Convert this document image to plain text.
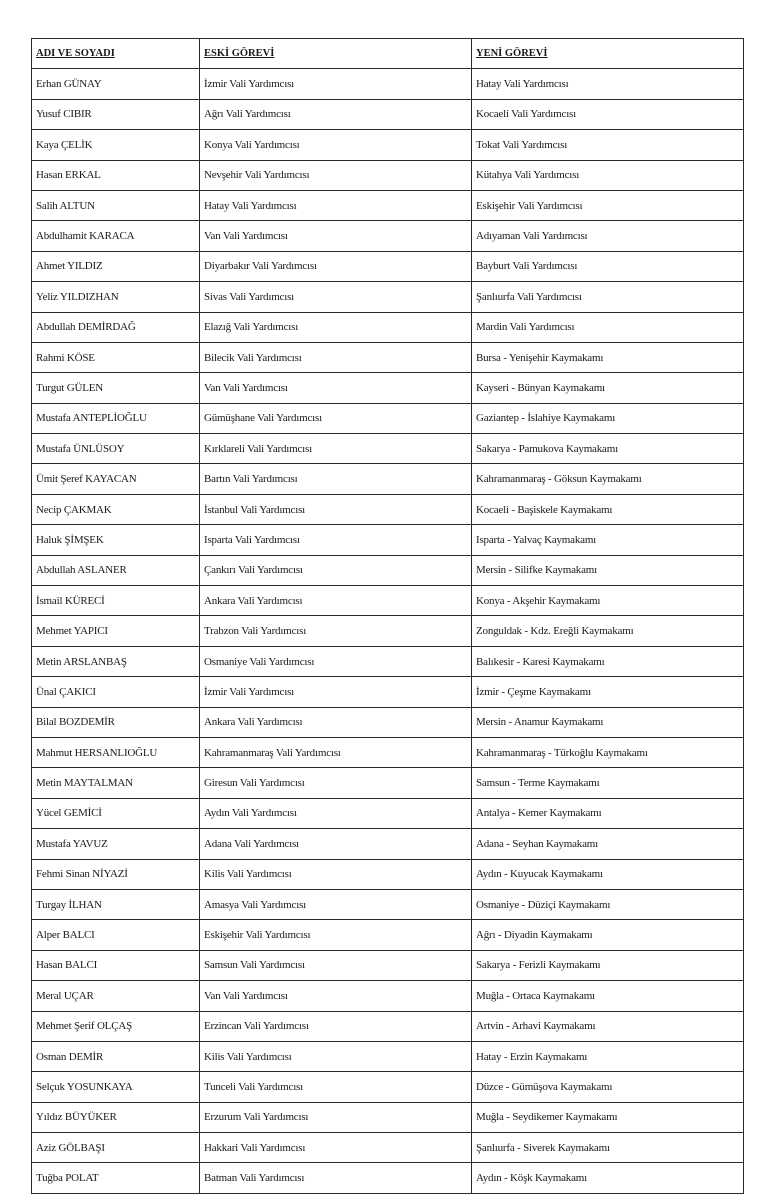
ADI VE SOYADI	ESKİ GÖREVİ	YENİ GÖREVİ
Erhan GÜNAY	İzmir Vali Yardımcısı	Hatay Vali Yardımcısı
Yusuf CIBIR	Ağrı Vali Yardımcısı	Kocaeli Vali Yardımcısı
Kaya ÇELİK	Konya Vali Yardımcısı	Tokat Vali Yardımcısı
Hasan ERKAL	Nevşehir Vali Yardımcısı	Kütahya Vali Yardımcısı
Salih ALTUN	Hatay Vali Yardımcısı	Eskişehir Vali Yardımcısı
Abdulhamit KARACA	Van Vali Yardımcısı	Adıyaman Vali Yardımcısı
Ahmet YILDIZ	Diyarbakır Vali Yardımcısı	Bayburt Vali Yardımcısı
Yeliz YILDIZHAN	Sivas Vali Yardımcısı	Şanlıurfa Vali Yardımcısı
Abdullah DEMİRDAĞ	Elazığ Vali Yardımcısı	Mardin Vali Yardımcısı
Rahmi KÖSE	Bilecik Vali Yardımcısı	Bursa - Yenişehir Kaymakamı
Turgut GÜLEN	Van Vali Yardımcısı	Kayseri - Bünyan Kaymakamı
Mustafa ANTEPLİOĞLU	Gümüşhane Vali Yardımcısı	Gaziantep - İslahiye Kaymakamı
Mustafa ÜNLÜSOY	Kırklareli Vali Yardımcısı	Sakarya - Pamukova Kaymakamı
Ümit Şeref KAYACAN	Bartın Vali Yardımcısı	Kahramanmaraş - Göksun Kaymakamı
Necip ÇAKMAK	İstanbul Vali Yardımcısı	Kocaeli - Başiskele Kaymakamı
Haluk ŞİMŞEK	Isparta Vali Yardımcısı	Isparta - Yalvaç Kaymakamı
Abdullah ASLANER	Çankırı Vali Yardımcısı	Mersin - Silifke Kaymakamı
İsmail KÜRECİ	Ankara Vali Yardımcısı	Konya - Akşehir Kaymakamı
Mehmet YAPICI	Trabzon Vali Yardımcısı	Zonguldak - Kdz. Ereğli Kaymakamı
Metin ARSLANBAŞ	Osmaniye Vali Yardımcısı	Balıkesir - Karesi Kaymakamı
Ünal ÇAKICI	İzmir Vali Yardımcısı	İzmir - Çeşme Kaymakamı
Bilal BOZDEMİR	Ankara Vali Yardımcısı	Mersin - Anamur Kaymakamı
Mahmut HERSANLIOĞLU	Kahramanmaraş Vali Yardımcısı	Kahramanmaraş - Türkoğlu Kaymakamı
Metin MAYTALMAN	Giresun Vali Yardımcısı	Samsun - Terme Kaymakamı
Yücel GEMİCİ	Aydın Vali Yardımcısı	Antalya - Kemer Kaymakamı
Mustafa YAVUZ	Adana Vali Yardımcısı	Adana - Seyhan Kaymakamı
Fehmi Sinan NİYAZİ	Kilis Vali Yardımcısı	Aydın - Kuyucak Kaymakamı
Turgay İLHAN	Amasya Vali Yardımcısı	Osmaniye - Düziçi Kaymakamı
Alper BALCI	Eskişehir Vali Yardımcısı	Ağrı - Diyadin Kaymakamı
Hasan BALCI	Samsun Vali Yardımcısı	Sakarya - Ferizli Kaymakamı
Meral UÇAR	Van Vali Yardımcısı	Muğla - Ortaca Kaymakamı
Mehmet Şerif OLÇAŞ	Erzincan Vali Yardımcısı	Artvin - Arhavi Kaymakamı
Osman DEMİR	Kilis Vali Yardımcısı	Hatay - Erzin Kaymakamı
Selçuk YOSUNKAYA	Tunceli Vali Yardımcısı	Düzce - Gümüşova Kaymakamı
Yıldız BÜYÜKER	Erzurum Vali Yardımcısı	Muğla - Seydikemer Kaymakamı
Aziz GÖLBAŞI	Hakkari Vali Yardımcısı	Şanlıurfa - Siverek Kaymakamı
Tuğba POLAT	Batman Vali Yardımcısı	Aydın - Köşk Kaymakamı
